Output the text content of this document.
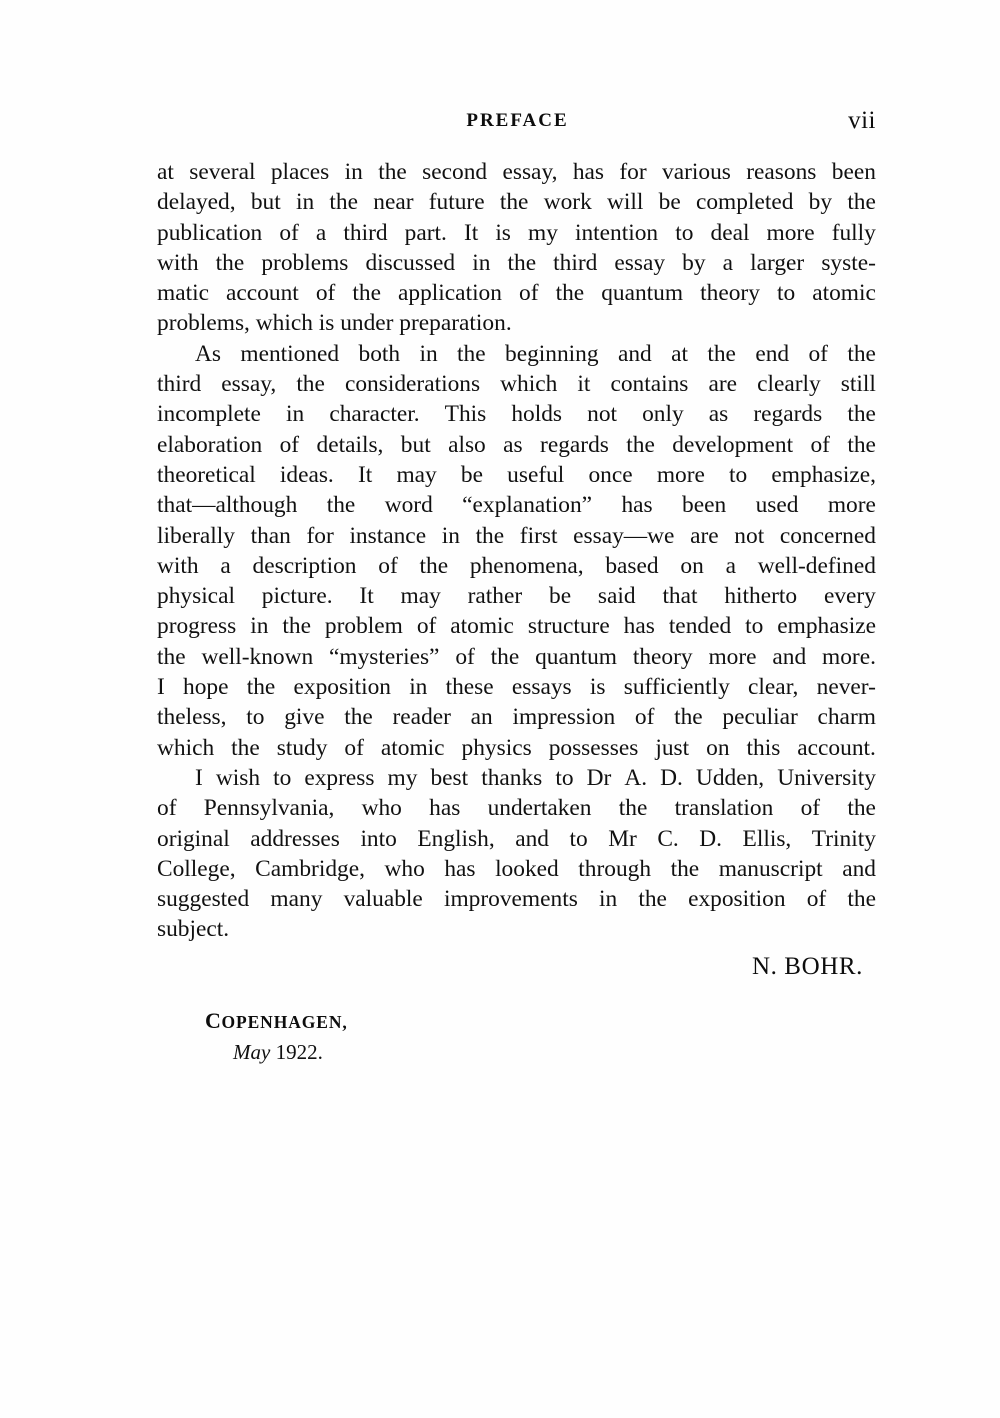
PREFACE	vii
at several places in the second essay, has for various reasons been
delayed, but in the near future the work will be completed by the
publication of a third part. It is my intention to deal more fully
with the problems discussed in the third essay by a larger syste-
matic account of the application of the quantum theory to atomic
problems, which is under preparation.
As mentioned both in the beginning and at the end of the
third essay, the considerations which it contains are clearly still
incomplete in character. This holds not only as regards the
elaboration of details, but also as regards the development of the
theoretical ideas. It may be useful once more to emphasize,
that—although the word “explanation” has been used more
liberally than for instance in the first essay—we are not concerned
with a description of the phenomena, based on a well-defined
physical picture. It may rather be said that hitherto every
progress in the problem of atomic structure has tended to emphasize
the well-known “mysteries” of the quantum theory more and more.
I hope the exposition in these essays is sufficiently clear, never-
theless, to give the reader an impression of the peculiar charm
which the study of atomic physics possesses just on this account.
I wish to express my best thanks to Dr A. D. Udden, University
of Pennsylvania, who has undertaken the translation of the
original addresses into English, and to Mr C. D. Ellis, Trinity
College, Cambridge, who has looked through the manuscript and
suggested many valuable improvements in the exposition of the
subject.
N. BOHR.
COPENHAGEN,
May 1922.
